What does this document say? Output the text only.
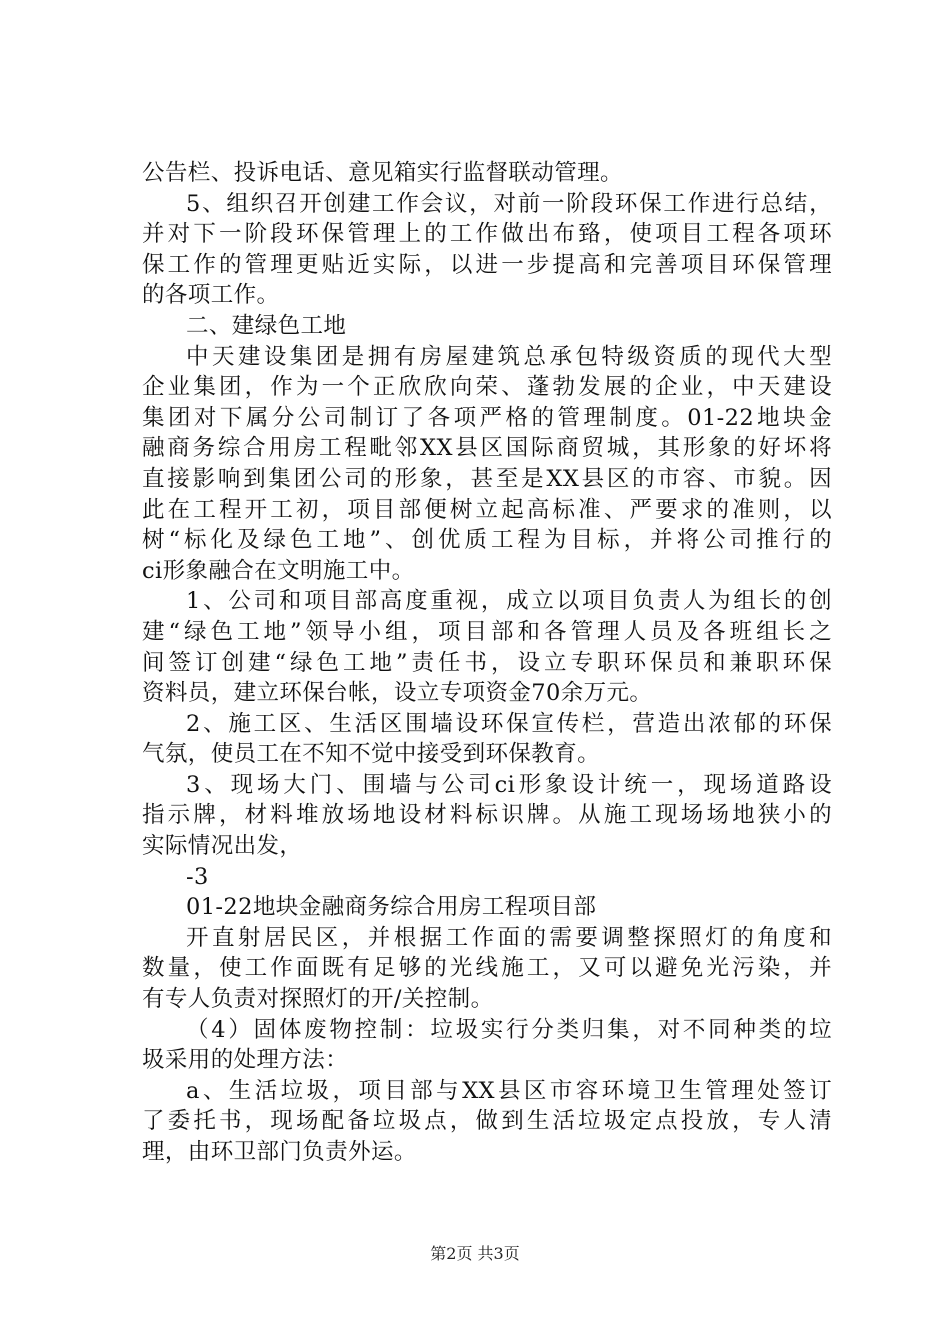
公告栏、投诉电话、意见箱实行监督联动管理。
5、组织召开创建工作会议，对前一阶段环保工作进行总结，
并对下一阶段环保管理上的工作做出布臵，使项目工程各项环
保工作的管理更贴近实际，以进一步提高和完善项目环保管理
的各项工作。
二、建绿色工地
中天建设集团是拥有房屋建筑总承包特级资质的现代大型
企业集团，作为一个正欣欣向荣、蓬勃发展的企业，中天建设
集团对下属分公司制订了各项严格的管理制度。01-22地块金
融商务综合用房工程毗邻XX县区国际商贸城，其形象的好坏将
直接影响到集团公司的形象，甚至是XX县区的市容、市貌。因
此在工程开工初，项目部便树立起高标准、严要求的准则，以
树“标化及绿色工地”、创优质工程为目标，并将公司推行的
ci形象融合在文明施工中。
1、公司和项目部高度重视，成立以项目负责人为组长的创
建“绿色工地”领导小组，项目部和各管理人员及各班组长之
间签订创建“绿色工地”责任书，设立专职环保员和兼职环保
资料员，建立环保台帐，设立专项资金70余万元。
2、施工区、生活区围墙设环保宣传栏，营造出浓郁的环保
气氛，使员工在不知不觉中接受到环保教育。
3、现场大门、围墙与公司ci形象设计统一，现场道路设
指示牌，材料堆放场地设材料标识牌。从施工现场场地狭小的
实际情况出发，
-3
01-22地块金融商务综合用房工程项目部
开直射居民区，并根据工作面的需要调整探照灯的角度和
数量，使工作面既有足够的光线施工，又可以避免光污染，并
有专人负责对探照灯的开/关控制。
（4）固体废物控制：垃圾实行分类归集，对不同种类的垃
圾采用的处理方法：
a、生活垃圾，项目部与XX县区市容环境卫生管理处签订
了委托书，现场配备垃圾点，做到生活垃圾定点投放，专人清
理，由环卫部门负责外运。
第2页 共3页
